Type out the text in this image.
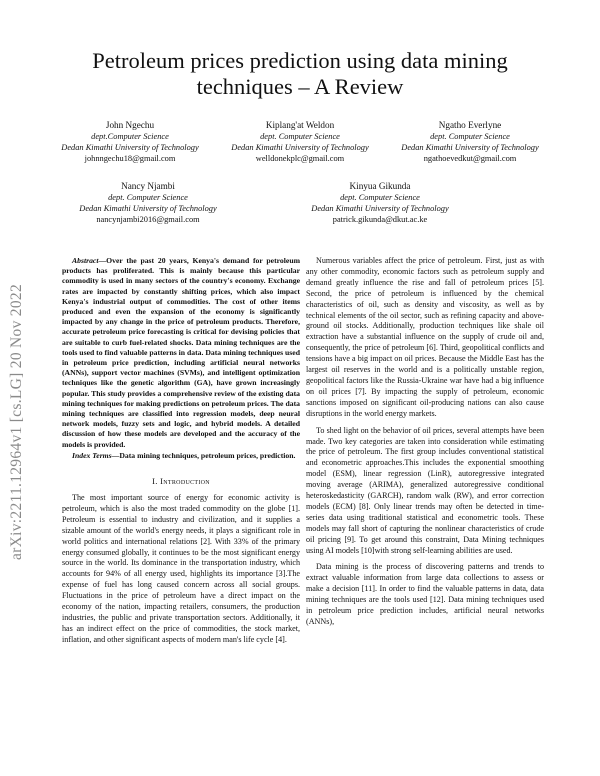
arXiv:2211.12964v1 [cs.LG] 20 Nov 2022
Petroleum prices prediction using data mining techniques – A Review
John Ngechu
dept.Computer Science
Dedan Kimathi University of Technology
johnngechu18@gmail.com
Kiplang'at Weldon
dept. Computer Science
Dedan Kimathi University of Technology
welldonekplc@gmail.com
Ngatho Everlyne
dept. Computer Science
Dedan Kimathi University of Technology
ngathoevedkut@gmail.com
Nancy Njambi
dept. Computer Science
Dedan Kimathi University of Technology
nancynjambi2016@gmail.com
Kinyua Gikunda
dept. Computer Science
Dedan Kimathi University of Technology
patrick.gikunda@dkut.ac.ke

Abstract—Over the past 20 years, Kenya's demand for petroleum products has proliferated. This is mainly because this particular commodity is used in many sectors of the country's economy. Exchange rates are impacted by constantly shifting prices, which also impact Kenya's industrial output of commodities. The cost of other items produced and even the expansion of the economy is significantly impacted by any change in the price of petroleum products. Therefore, accurate petroleum price forecasting is critical for devising policies that are suitable to curb fuel-related shocks. Data mining techniques are the tools used to find valuable patterns in data. Data mining techniques used in petroleum price prediction, including artificial neural networks (ANNs), support vector machines (SVMs), and intelligent optimization techniques like the genetic algorithm (GA), have grown increasingly popular. This study provides a comprehensive review of the existing data mining techniques for making predictions on petroleum prices. The data mining techniques are classified into regression models, deep neural network models, fuzzy sets and logic, and hybrid models. A detailed discussion of how these models are developed and the accuracy of the models is provided.

Index Terms—Data mining techniques, petroleum prices, prediction.

I. Introduction

The most important source of energy for economic activity is petroleum, which is also the most traded commodity on the globe [1]. Petroleum is essential to industry and civilization, and it supplies a sizable amount of the world's energy needs, it plays a significant role in world politics and international relations [2]. With 33% of the primary energy consumed globally, it continues to be the most significant energy source in the world. Its dominance in the transportation industry, which accounts for 94% of all energy used, highlights its importance [3].The expense of fuel has long caused concern across all social groups. Fluctuations in the price of petroleum have a direct impact on the economy of the nation, impacting retailers, consumers, the production industries, the public and private transportation sectors. Additionally, it has an indirect effect on the price of commodities, the stock market, inflation, and other significant aspects of modern man's life cycle [4].

Numerous variables affect the price of petroleum. First, just as with any other commodity, economic factors such as petroleum supply and demand greatly influence the rise and fall of petroleum prices [5]. Second, the price of petroleum is influenced by the chemical characteristics of oil, such as density and viscosity, as well as by technical elements of the oil sector, such as refining capacity and above-ground oil stocks. Additionally, production techniques like shale oil extraction have a substantial influence on the supply of crude oil and, consequently, the price of petroleum [6]. Third, geopolitical conflicts and tensions have a big impact on oil prices. Because the Middle East has the largest oil reserves in the world and is a politically unstable region, geopolitical factors like the Russia-Ukraine war have had a big influence on oil prices [7]. By impacting the supply of petroleum, economic sanctions imposed on significant oil-producing nations can also cause disruptions in the world energy markets.

To shed light on the behavior of oil prices, several attempts have been made. Two key categories are taken into consideration while estimating the price of petroleum. The first group includes conventional statistical and econometric approaches.This includes the exponential smoothing model (ESM), linear regression (LinR), autoregressive integrated moving average (ARIMA), generalized autoregressive conditional heteroskedasticity (GARCH), random walk (RW), and error correction models (ECM) [8]. Only linear trends may often be detected in time-series data using traditional statistical and econometric tools. These models may fall short of capturing the nonlinear characteristics of crude oil pricing [9]. To get around this constraint, Data Mining techniques using AI models [10]with strong self-learning abilities are used.

Data mining is the process of discovering patterns and trends to extract valuable information from large data collections to assess or make a decision [11]. In order to find the valuable patterns in data, data mining techniques are the tools used [12]. Data mining techniques used in petroleum price prediction includes, artificial neural networks (ANNs),
